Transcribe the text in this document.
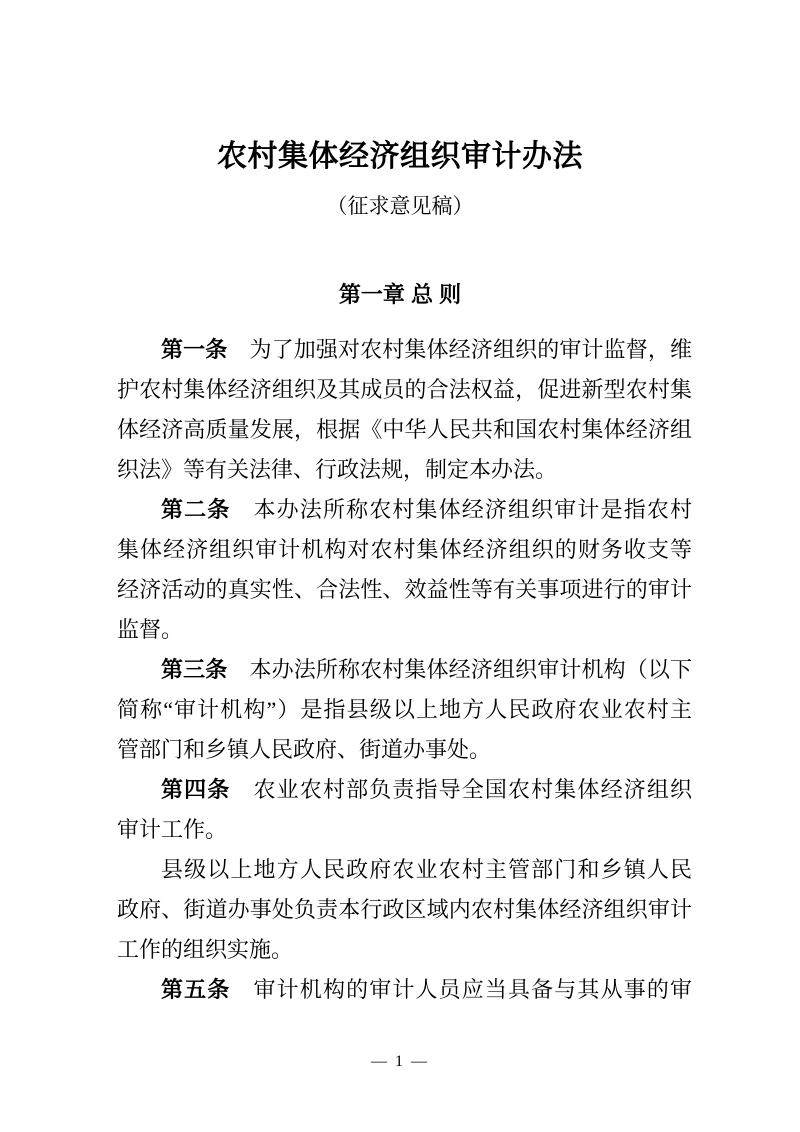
农村集体经济组织审计办法
（征求意见稿）
第一章 总 则
第一条　为了加强对农村集体经济组织的审计监督，维
护农村集体经济组织及其成员的合法权益，促进新型农村集
体经济高质量发展，根据《中华人民共和国农村集体经济组
织法》等有关法律、行政法规，制定本办法。
第二条　本办法所称农村集体经济组织审计是指农村
集体经济组织审计机构对农村集体经济组织的财务收支等
经济活动的真实性、合法性、效益性等有关事项进行的审计
监督。
第三条　本办法所称农村集体经济组织审计机构（以下
简称“审计机构”）是指县级以上地方人民政府农业农村主
管部门和乡镇人民政府、街道办事处。
第四条　农业农村部负责指导全国农村集体经济组织
审计工作。
县级以上地方人民政府农业农村主管部门和乡镇人民
政府、街道办事处负责本行政区域内农村集体经济组织审计
工作的组织实施。
第五条　审计机构的审计人员应当具备与其从事的审
— 1 —
